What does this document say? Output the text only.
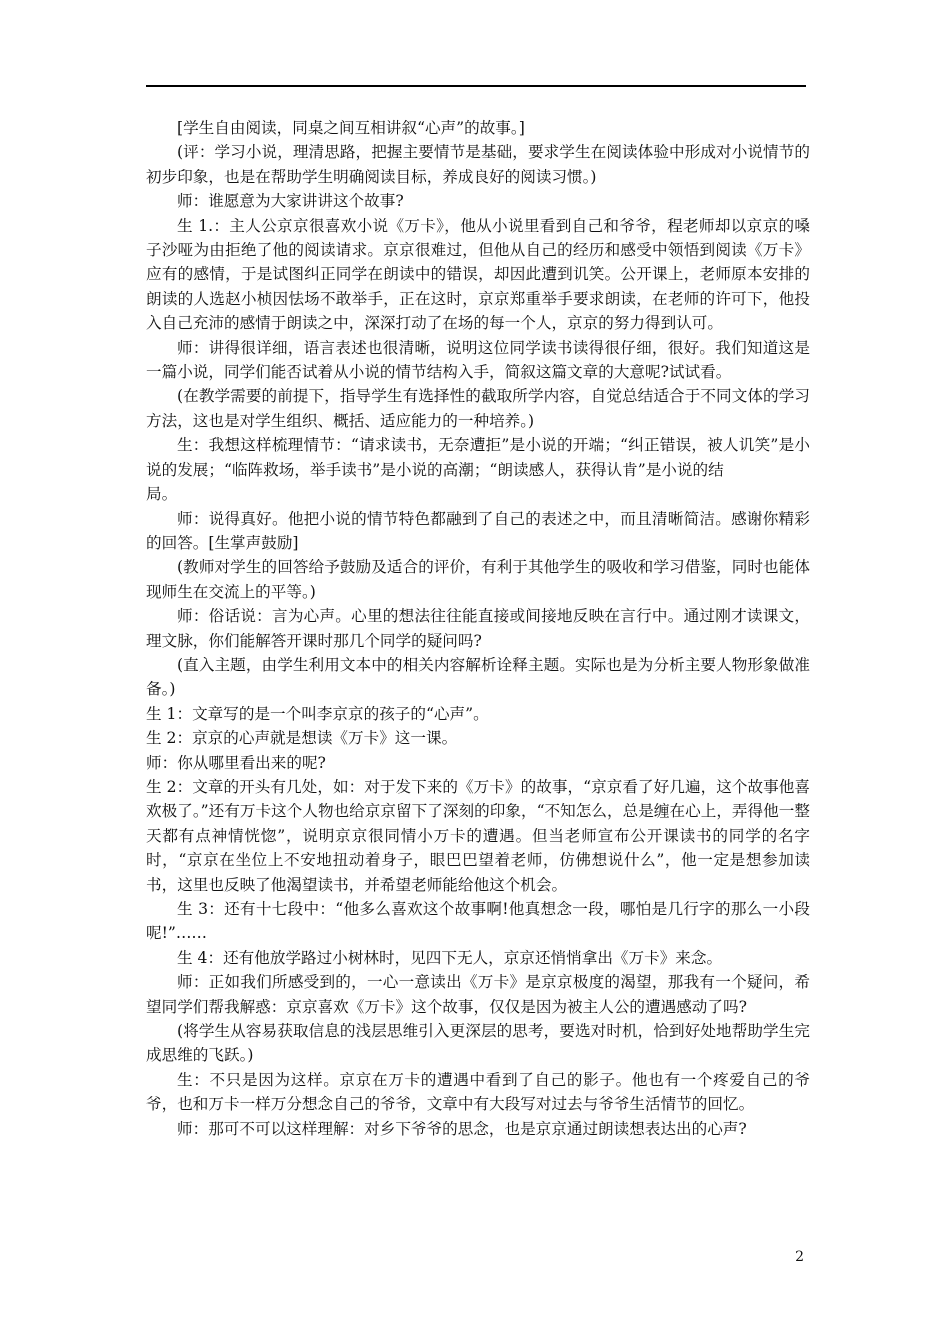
[学生自由阅读，同桌之间互相讲叙“心声”的故事。]

(评：学习小说，理清思路，把握主要情节是基础，要求学生在阅读体验中形成对小说情节的初步印象，也是在帮助学生明确阅读目标，养成良好的阅读习惯。)

师：谁愿意为大家讲讲这个故事?

生 1.：主人公京京很喜欢小说《万卡》，他从小说里看到自己和爷爷，程老师却以京京的嗓子沙哑为由拒绝了他的阅读请求。京京很难过，但他从自己的经历和感受中领悟到阅读《万卡》应有的感情，于是试图纠正同学在朗读中的错误，却因此遭到讥笑。公开课上，老师原本安排的朗读的人选赵小桢因怯场不敢举手，正在这时，京京郑重举手要求朗读，在老师的许可下，他投入自己充沛的感情于朗读之中，深深打动了在场的每一个人，京京的努力得到认可。

师：讲得很详细，语言表述也很清晰，说明这位同学读书读得很仔细，很好。我们知道这是一篇小说，同学们能否试着从小说的情节结构入手，简叙这篇文章的大意呢?试试看。

(在教学需要的前提下，指导学生有选择性的截取所学内容，自觉总结适合于不同文体的学习方法，这也是对学生组织、概括、适应能力的一种培养。)

生：我想这样梳理情节：“请求读书，无奈遭拒”是小说的开端；“纠正错误，被人讥笑”是小说的发展；“临阵救场，举手读书”是小说的高潮；“朗读感人，获得认肯”是小说的结

局。

师：说得真好。他把小说的情节特色都融到了自己的表述之中，而且清晰简洁。感谢你精彩的回答。[生掌声鼓励]

(教师对学生的回答给予鼓励及适合的评价，有利于其他学生的吸收和学习借鉴，同时也能体现师生在交流上的平等。)

师：俗话说：言为心声。心里的想法往往能直接或间接地反映在言行中。通过刚才读课文，理文脉，你们能解答开课时那几个同学的疑问吗?

(直入主题，由学生利用文本中的相关内容解析诠释主题。实际也是为分析主要人物形象做准备。)

生 1：文章写的是一个叫李京京的孩子的“心声”。

生 2：京京的心声就是想读《万卡》这一课。

师：你从哪里看出来的呢?

生 2：文章的开头有几处，如：对于发下来的《万卡》的故事，“京京看了好几遍，这个故事他喜欢极了。”还有万卡这个人物也给京京留下了深刻的印象，“不知怎么，总是缠在心上，弄得他一整天都有点神情恍惚”，说明京京很同情小万卡的遭遇。但当老师宣布公开课读书的同学的名字时，“京京在坐位上不安地扭动着身子，眼巴巴望着老师，仿佛想说什么”，他一定是想参加读书，这里也反映了他渴望读书，并希望老师能给他这个机会。

生 3：还有十七段中：“他多么喜欢这个故事啊!他真想念一段，哪怕是几行字的那么一小段呢!”……

生 4：还有他放学路过小树林时，见四下无人，京京还悄悄拿出《万卡》来念。

师：正如我们所感受到的，一心一意读出《万卡》是京京极度的渴望，那我有一个疑问，希望同学们帮我解惑：京京喜欢《万卡》这个故事，仅仅是因为被主人公的遭遇感动了吗?

(将学生从容易获取信息的浅层思维引入更深层的思考，要选对时机，恰到好处地帮助学生完成思维的飞跃。)

生：不只是因为这样。京京在万卡的遭遇中看到了自己的影子。他也有一个疼爱自己的爷爷，也和万卡一样万分想念自己的爷爷，文章中有大段写对过去与爷爷生活情节的回忆。

师：那可不可以这样理解：对乡下爷爷的思念，也是京京通过朗读想表达出的心声?

2
